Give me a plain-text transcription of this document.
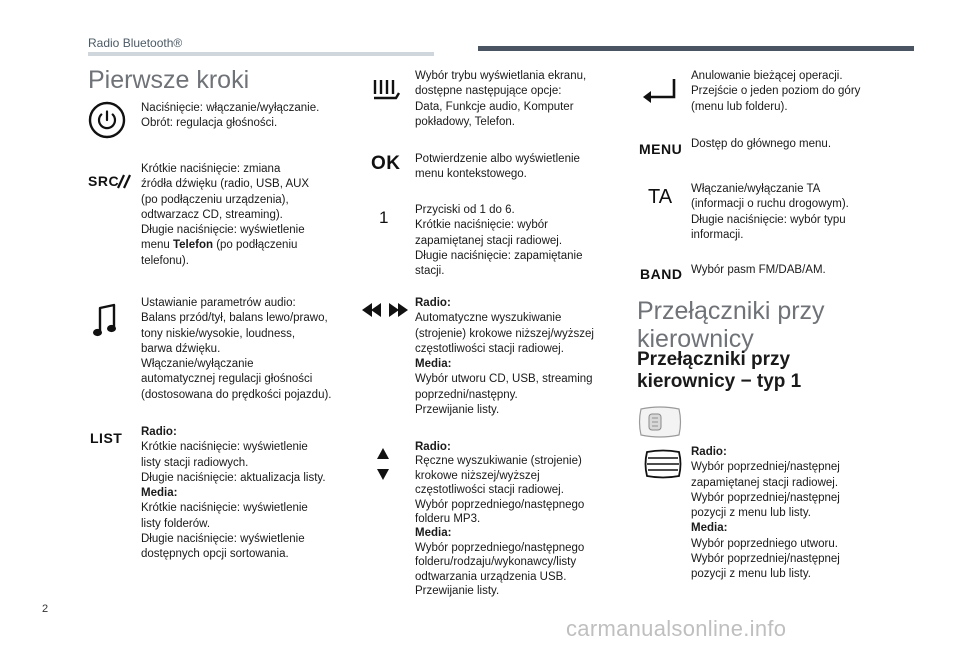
Radio Bluetooth®
Pierwsze kroki
Naciśnięcie: włączanie/wyłączanie.
Obrót: regulacja głośności.
SRC
Krótkie naciśnięcie: zmiana
źródła dźwięku (radio, USB, AUX
(po podłączeniu urządzenia),
odtwarzacz CD, streaming).
Długie naciśnięcie: wyświetlenie
menu Telefon (po podłączeniu
telefonu).
Ustawianie parametrów audio:
Balans przód/tył, balans lewo/prawo,
tony niskie/wysokie, loudness,
barwa dźwięku.
Włączanie/wyłączanie
automatycznej regulacji głośności
(dostosowana do prędkości pojazdu).
LIST Radio:
Krótkie naciśnięcie: wyświetlenie
listy stacji radiowych.
Długie naciśnięcie: aktualizacja listy.
Media:
Krótkie naciśnięcie: wyświetlenie
listy folderów.
Długie naciśnięcie: wyświetlenie
dostępnych opcji sortowania.
Wybór trybu wyświetlania ekranu,
dostępne następujące opcje:
Data, Funkcje audio, Komputer
pokładowy, Telefon.
OK Potwierdzenie albo wyświetlenie
menu kontekstowego.
1 Przyciski od 1 do 6.
Krótkie naciśnięcie: wybór
zapamiętanej stacji radiowej.
Długie naciśnięcie: zapamiętanie
stacji.
Radio:
Automatyczne wyszukiwanie
(strojenie) krokowe niższej/wyższej
częstotliwości stacji radiowej.
Media:
Wybór utworu CD, USB, streaming
poprzedni/następny.
Przewijanie listy.
Radio:
Ręczne wyszukiwanie (strojenie)
krokowe niższej/wyższej
częstotliwości stacji radiowej.
Wybór poprzedniego/następnego
folderu MP3.
Media:
Wybór poprzedniego/następnego
folderu/rodzaju/wykonawcy/listy
odtwarzania urządzenia USB.
Przewijanie listy.
Anulowanie bieżącej operacji.
Przejście o jeden poziom do góry
(menu lub folderu).
MENU Dostęp do głównego menu.
TA Włączanie/wyłączanie TA
(informacji o ruchu drogowym).
Długie naciśnięcie: wybór typu
informacji.
BAND Wybór pasm FM/DAB/AM.
Przełączniki przy
kierownicy
Przełączniki przy
kierownicy − typ 1
Radio:
Wybór poprzedniej/następnej
zapamiętanej stacji radiowej.
Wybór poprzedniej/następnej
pozycji z menu lub listy.
Media:
Wybór poprzedniego utworu.
Wybór poprzedniej/następnej
pozycji z menu lub listy.
2
carmanualsonline.info
